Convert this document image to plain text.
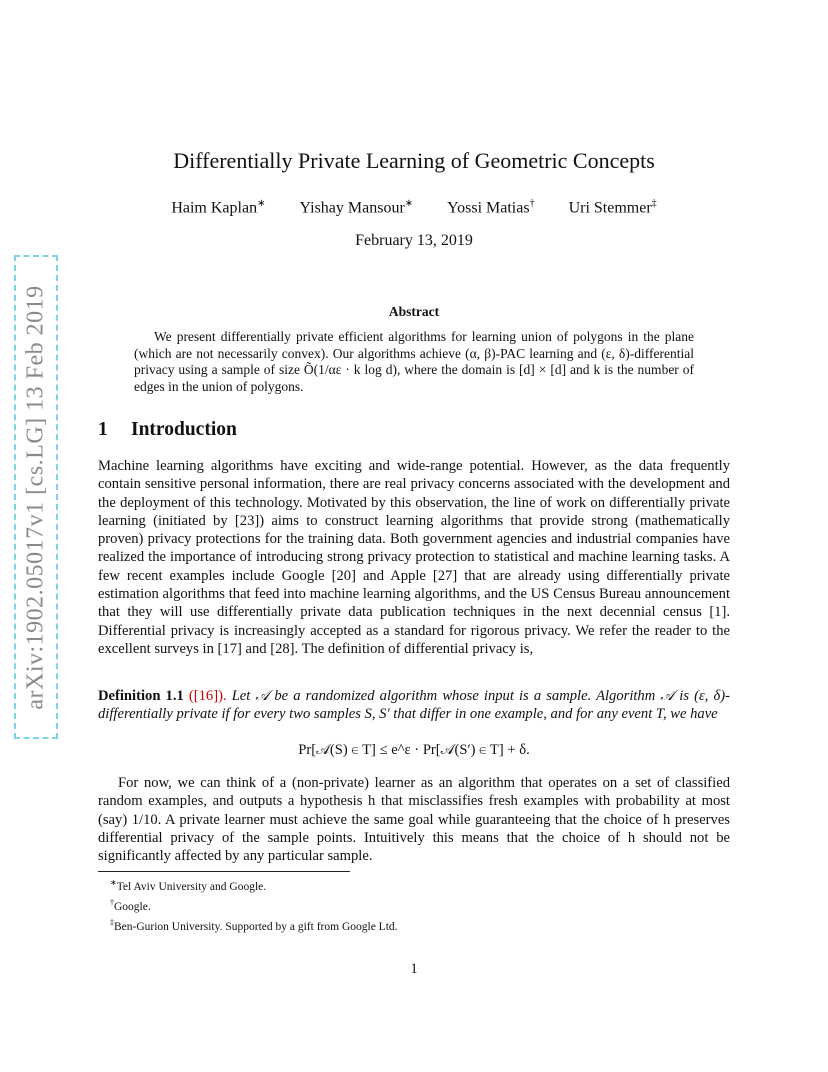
arXiv:1902.05017v1 [cs.LG] 13 Feb 2019
Differentially Private Learning of Geometric Concepts
Haim Kaplan∗ Yishay Mansour∗ Yossi Matias† Uri Stemmer‡
February 13, 2019
Abstract
We present differentially private efficient algorithms for learning union of polygons in the plane (which are not necessarily convex). Our algorithms achieve (α, β)-PAC learning and (ε, δ)-differential privacy using a sample of size Õ(1/αε · k log d), where the domain is [d] × [d] and k is the number of edges in the union of polygons.
1 Introduction
Machine learning algorithms have exciting and wide-range potential. However, as the data frequently contain sensitive personal information, there are real privacy concerns associated with the development and the deployment of this technology. Motivated by this observation, the line of work on differentially private learning (initiated by [23]) aims to construct learning algorithms that provide strong (mathematically proven) privacy protections for the training data. Both government agencies and industrial companies have realized the importance of introducing strong privacy protection to statistical and machine learning tasks. A few recent examples include Google [20] and Apple [27] that are already using differentially private estimation algorithms that feed into machine learning algorithms, and the US Census Bureau announcement that they will use differentially private data publication techniques in the next decennial census [1]. Differential privacy is increasingly accepted as a standard for rigorous privacy. We refer the reader to the excellent surveys in [17] and [28]. The definition of differential privacy is,
Definition 1.1 ([16]). Let 𝒜 be a randomized algorithm whose input is a sample. Algorithm 𝒜 is (ε, δ)-differentially private if for every two samples S, S′ that differ in one example, and for any event T, we have
Pr[𝒜(S) ∈ T] ≤ e^ε · Pr[𝒜(S′) ∈ T] + δ.
For now, we can think of a (non-private) learner as an algorithm that operates on a set of classified random examples, and outputs a hypothesis h that misclassifies fresh examples with probability at most (say) 1/10. A private learner must achieve the same goal while guaranteeing that the choice of h preserves differential privacy of the sample points. Intuitively this means that the choice of h should not be significantly affected by any particular sample.
∗Tel Aviv University and Google.
†Google.
‡Ben-Gurion University. Supported by a gift from Google Ltd.
1
